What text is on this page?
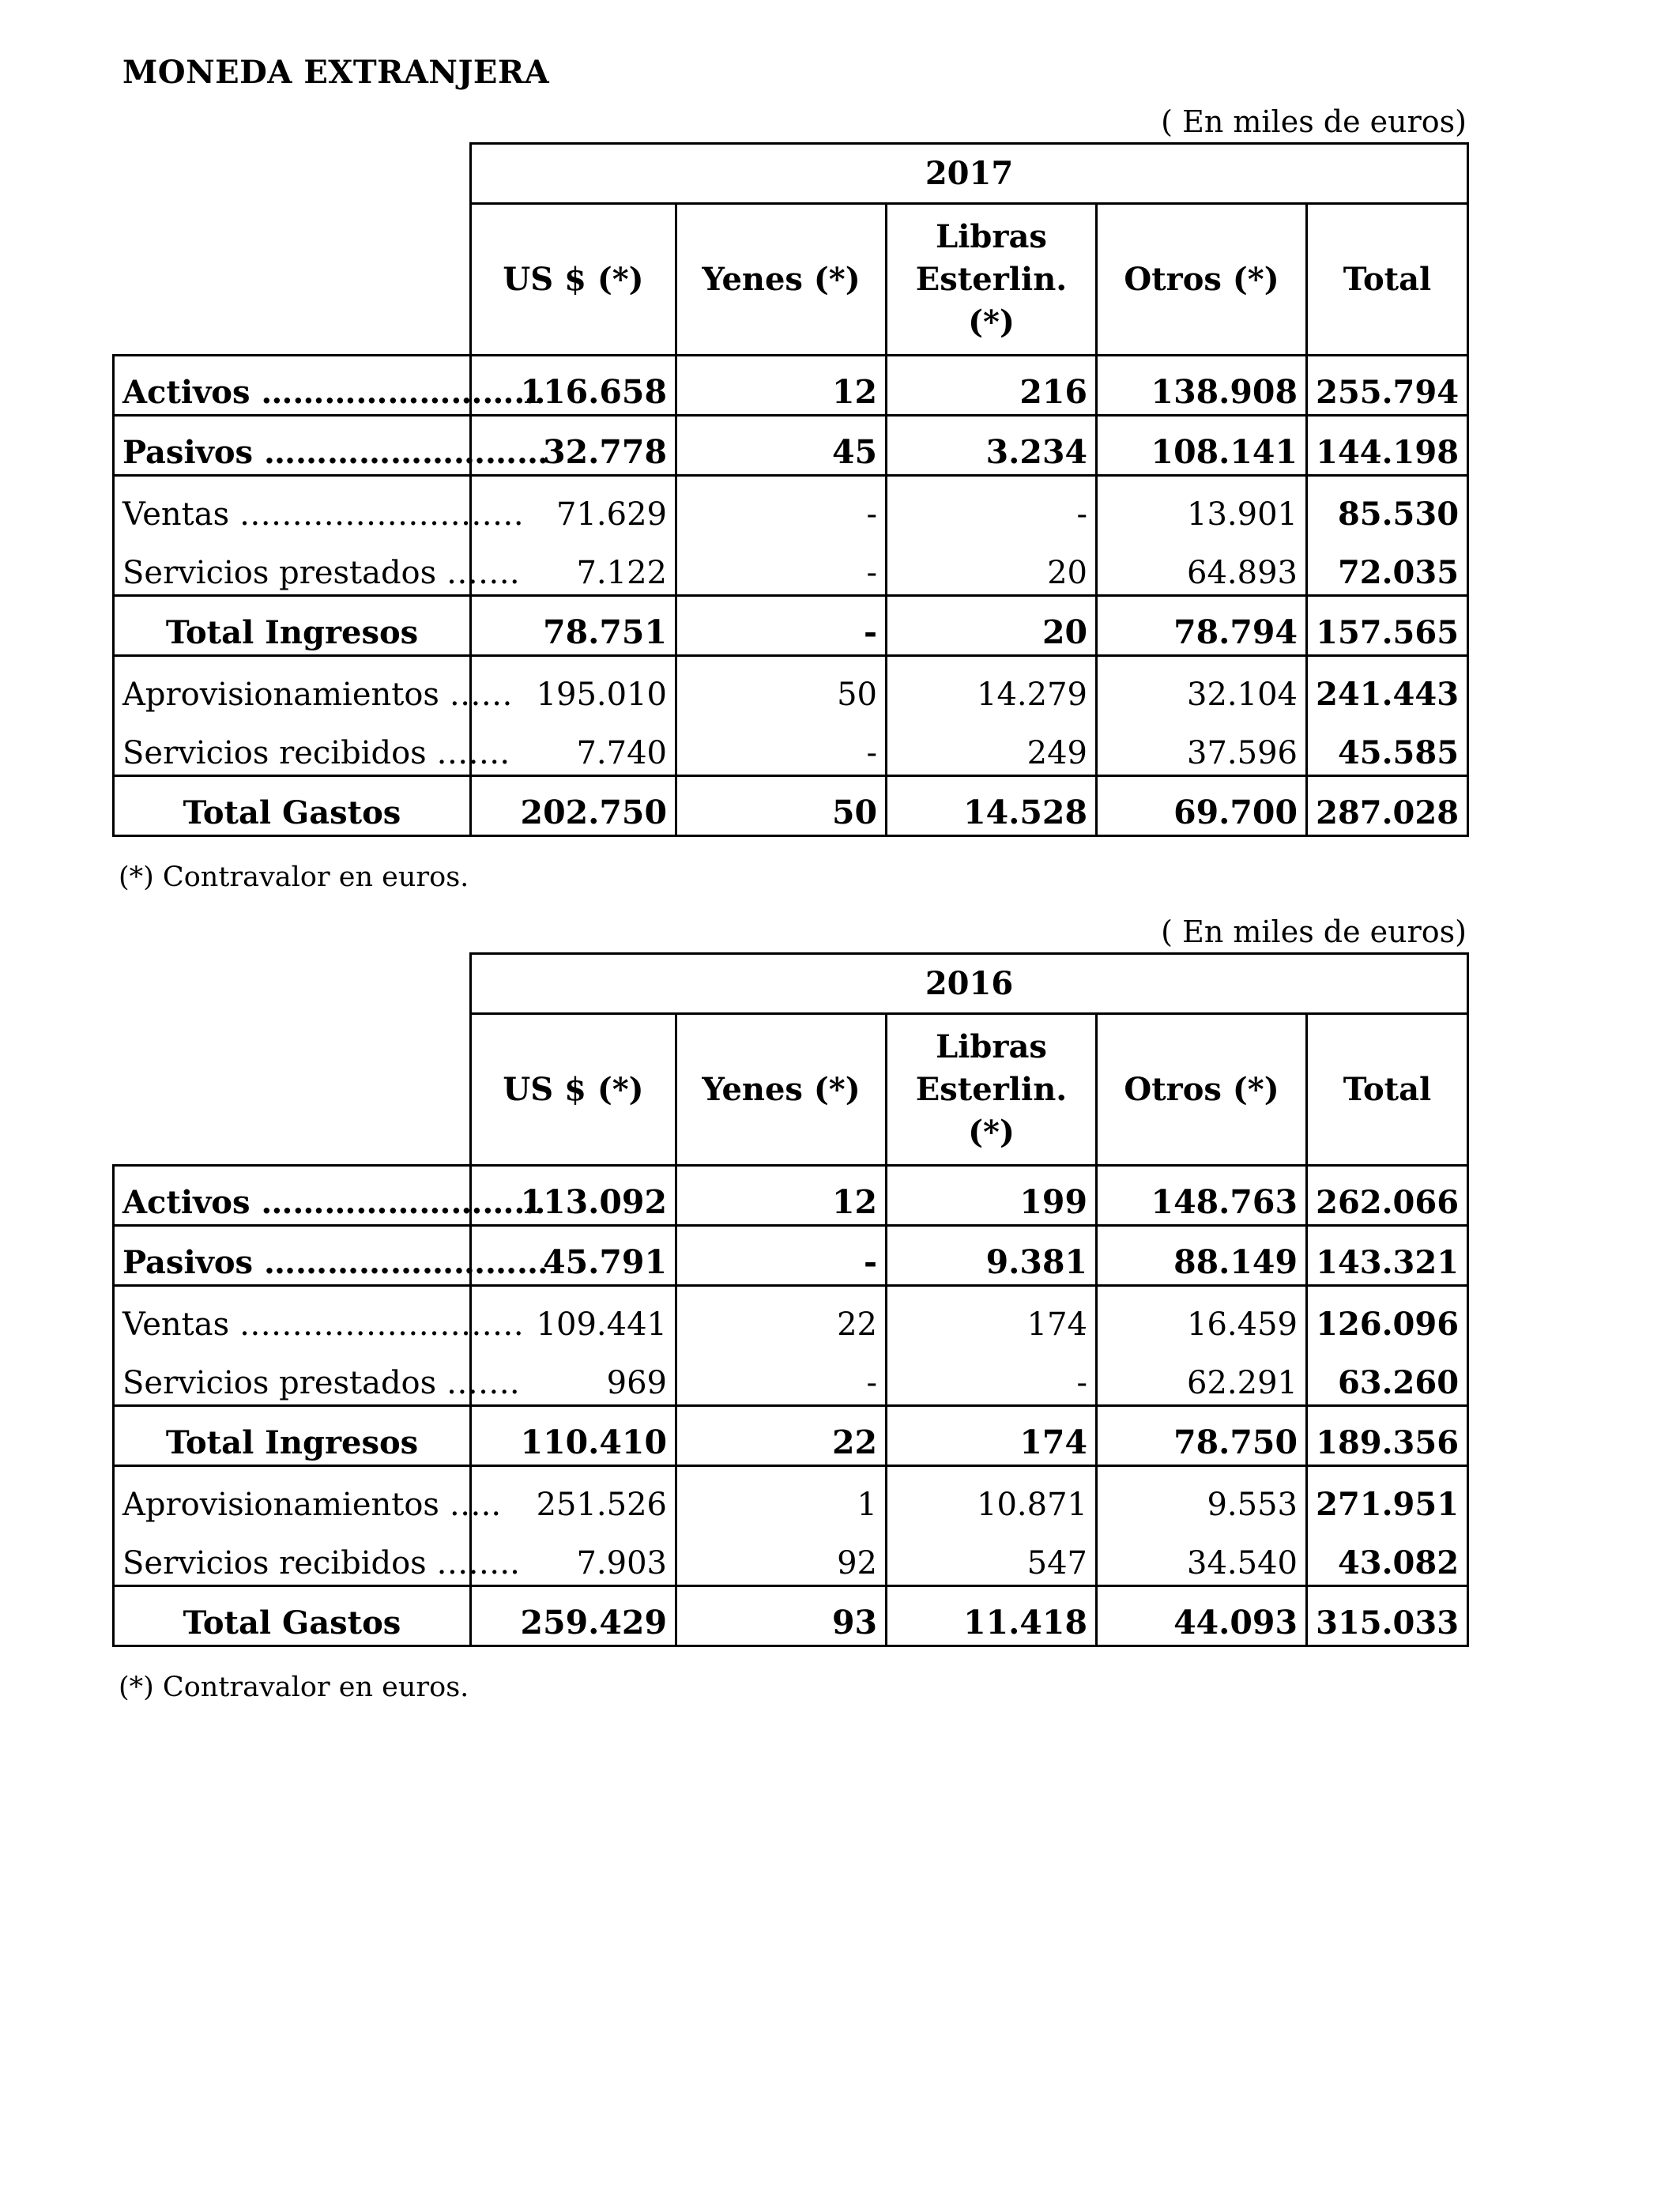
MONEDA EXTRANJERA
( En miles de euros)
	2017				
	US $ (*)	Yenes (*)	Libras Esterlin.(*)	Otros (*)	Total
Activos ………………………	116.658	12	216	138.908	255.794
Pasivos ………………………	32.778	45	3.234	108.141	144.198
Ventas ………………………	71.629	-	-	13.901	85.530
Servicios prestados …….	7.122	-	20	64.893	72.035
Total Ingresos	78.751	-	20	78.794	157.565
Aprovisionamientos ……	195.010	50	14.279	32.104	241.443
Servicios recibidos …….	7.740	-	249	37.596	45.585
Total Gastos	202.750	50	14.528	69.700	287.028
(*) Contravalor en euros.
( En miles de euros)
	2016				
	US $ (*)	Yenes (*)	Libras Esterlin.(*)	Otros (*)	Total
Activos ………………………	113.092	12	199	148.763	262.066
Pasivos ………………………	45.791	-	9.381	88.149	143.321
Ventas ………………………	109.441	22	174	16.459	126.096
Servicios prestados …….	969	-	-	62.291	63.260
Total Ingresos	110.410	22	174	78.750	189.356
Aprovisionamientos …..	251.526	1	10.871	9.553	271.951
Servicios recibidos ……..	7.903	92	547	34.540	43.082
Total Gastos	259.429	93	11.418	44.093	315.033
(*) Contravalor en euros.
